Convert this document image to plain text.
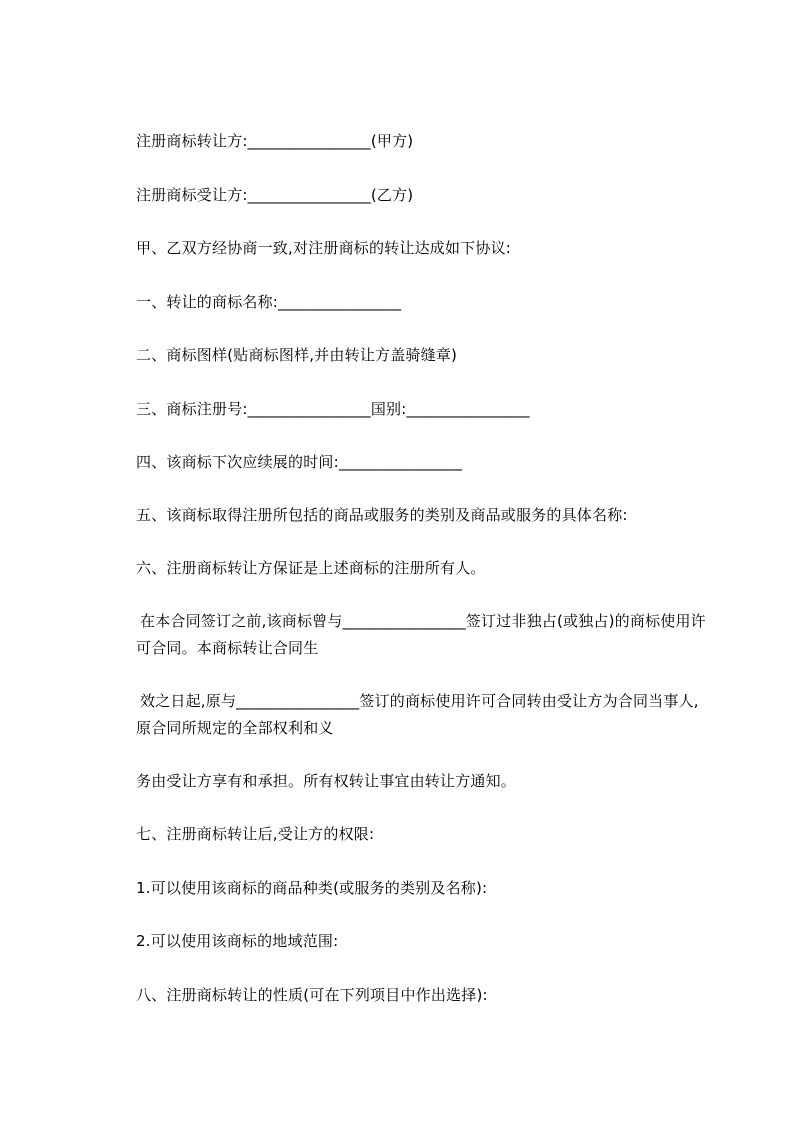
注册商标转让方:________________(甲方)
注册商标受让方:________________(乙方)
甲、乙双方经协商一致,对注册商标的转让达成如下协议:
一、转让的商标名称:________________
二、商标图样(贴商标图样,并由转让方盖骑缝章)
三、商标注册号:________________国别:________________
四、该商标下次应续展的时间:________________
五、该商标取得注册所包括的商品或服务的类别及商品或服务的具体名称:
六、注册商标转让方保证是上述商标的注册所有人。
在本合同签订之前,该商标曾与________________签订过非独占(或独占)的商标使用许可合同。本商标转让合同生
效之日起,原与________________签订的商标使用许可合同转由受让方为合同当事人,原合同所规定的全部权利和义
务由受让方享有和承担。所有权转让事宜由转让方通知。
七、注册商标转让后,受让方的权限:
1.可以使用该商标的商品种类(或服务的类别及名称):
2.可以使用该商标的地域范围:
八、注册商标转让的性质(可在下列项目中作出选择):
